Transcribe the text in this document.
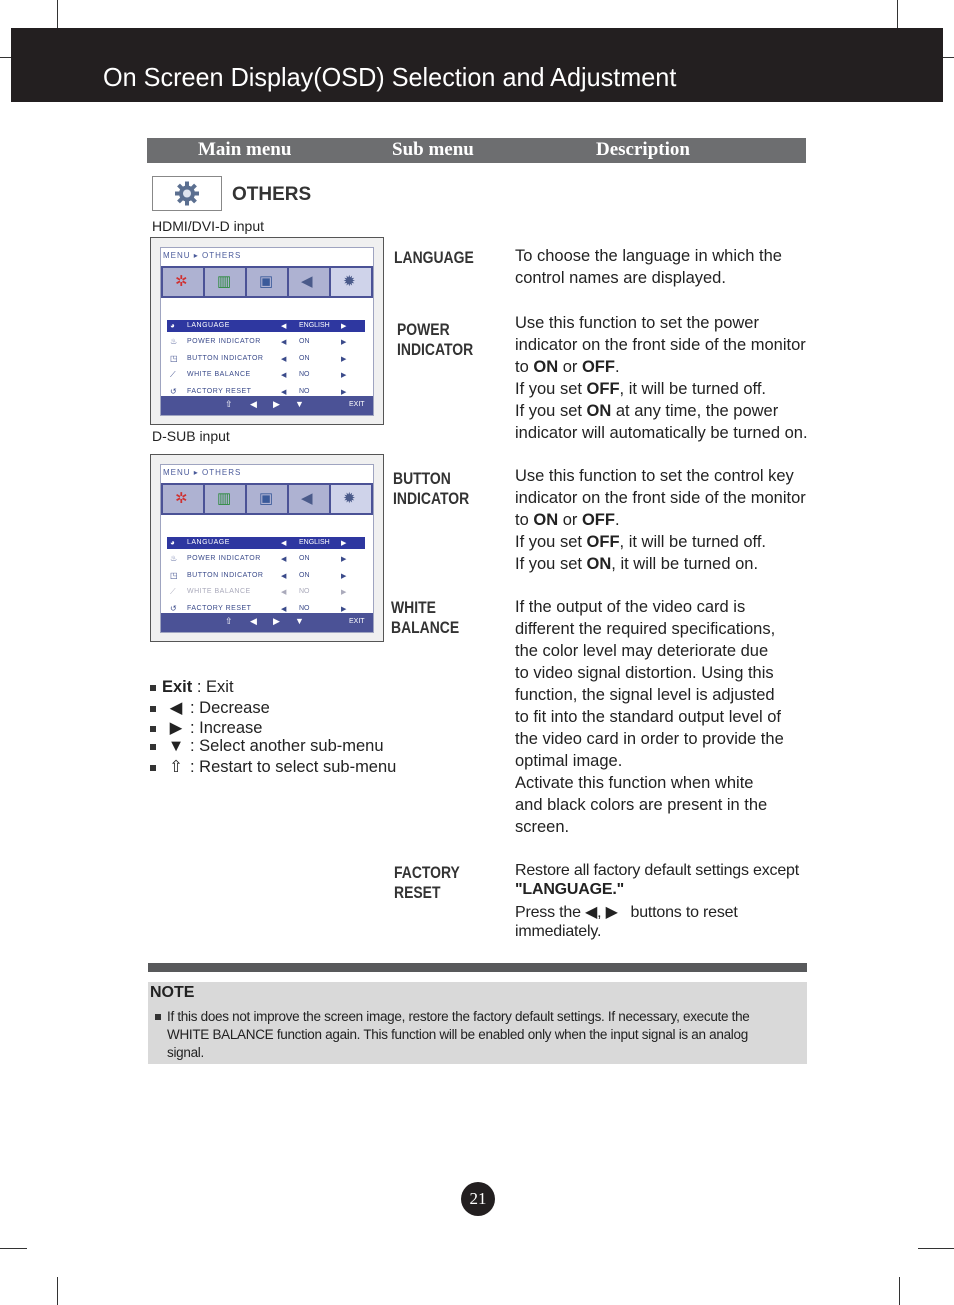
On Screen Display(OSD) Selection and Adjustment
Main menu	Sub menu	Description
OTHERS
HDMI/DVI-D input
D-SUB input
MENU ▸ OTHERS
✲ ▥ ▣ ◀ ✹
◕ LANGUAGE	◀ ENGLISH	▶
♨ POWER INDICATOR	◀ ON	▶
◳ BUTTON INDICATOR	◀ ON	▶
⟋ WHITE BALANCE	◀ NO	▶
↺ FACTORY RESET	◀ NO	▶
⇧ ◀ ▶ ▼	EXIT
MENU ▸ OTHERS
✲ ▥ ▣ ◀ ✹
◕ LANGUAGE	◀ ENGLISH	▶
♨ POWER INDICATOR	◀ ON	▶
◳ BUTTON INDICATOR	◀ ON	▶
⟋ WHITE BALANCE	◀ NO	▶
↺ FACTORY RESET	◀ NO	▶
⇧ ◀ ▶ ▼	EXIT
Exit : Exit
◀ : Decrease
▶ : Increase
▼ : Select another sub-menu
⇧ : Restart to select sub-menu
LANGUAGE To choose the language in which the
control names are displayed.
POWER
INDICATOR
Use this function to set the power
indicator on the front side of the monitor
to ON or OFF.
If you set OFF, it will be turned off.
If you set ON at any time, the power
indicator will automatically be turned on.
BUTTON
INDICATOR
Use this function to set the control key
indicator on the front side of the monitor
to ON or OFF.
If you set OFF, it will be turned off.
If you set ON, it will be turned on.
WHITE
BALANCE
If the output of the video card is
different the required specifications,
the color level may deteriorate due
to video signal distortion. Using this
function, the signal level is adjusted
to fit into the standard output level of
the video card in order to provide the
optimal image.
Activate this function when white
and black colors are present in the
screen.
FACTORY
RESET
Restore all factory default settings except
"LANGUAGE."
Press the ◀, ▶ buttons to reset
immediately.
NOTE
If this does not improve the screen image, restore the factory default settings. If necessary, execute the WHITE BALANCE function again. This function will be enabled only when the input signal is an analog signal.
21
